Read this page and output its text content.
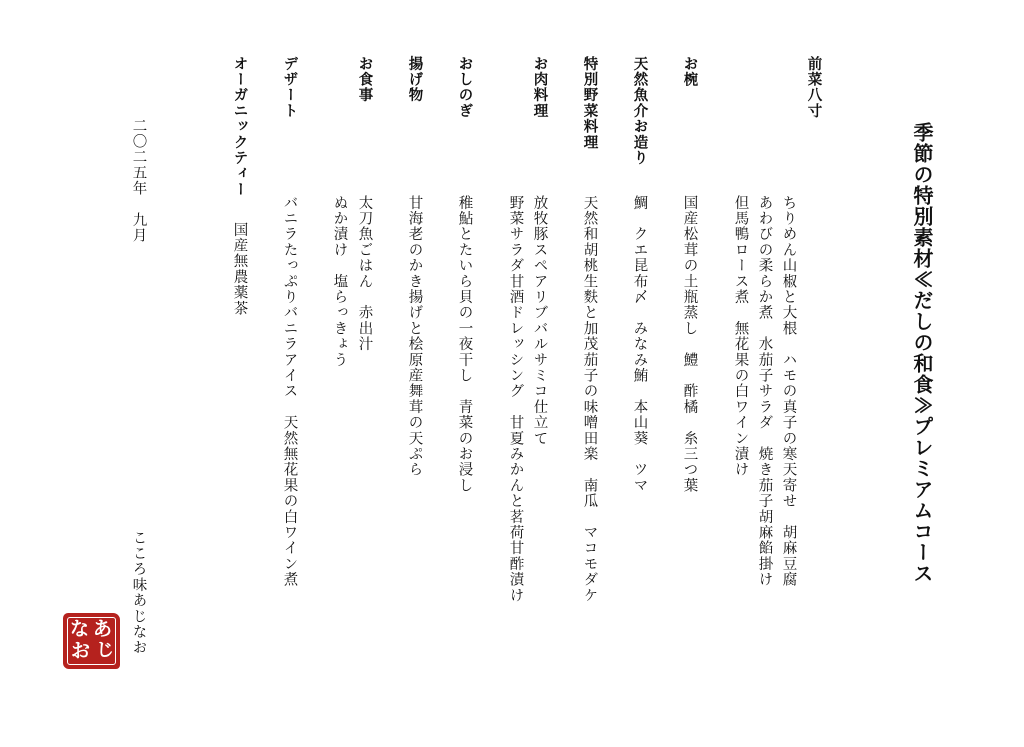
季節の特別素材≪だしの和食≫プレミアムコース
前菜八寸
ちりめん山椒と大根　ハモの真子の寒天寄せ　胡麻豆腐
あわびの柔らか煮　水茄子サラダ　焼き茄子胡麻餡掛け
但馬鴨ロース煮　無花果の白ワイン漬け
お椀
国産松茸の土瓶蒸し　鱧　酢橘　糸三つ葉
天然魚介お造り
鯛　クエ昆布〆　みなみ鮪　本山葵　ツマ
特別野菜料理
天然和胡桃生麩と加茂茄子の味噌田楽　南瓜　マコモダケ
お肉料理
放牧豚スペアリブバルサミコ仕立て
野菜サラダ甘酒ドレッシング　甘夏みかんと茗荷甘酢漬け
おしのぎ
稚鮎とたいら貝の一夜干し　青菜のお浸し
揚げ物
甘海老のかき揚げと桧原産舞茸の天ぷら
お食事
太刀魚ごはん　赤出汁
ぬか漬け　塩らっきょう
デザート
バニラたっぷりバニラアイス　天然無花果の白ワイン煮
オーガニックティー
国産無農薬茶
二〇二五年　九月
こころ味あじなお
あ
じ
な
お
